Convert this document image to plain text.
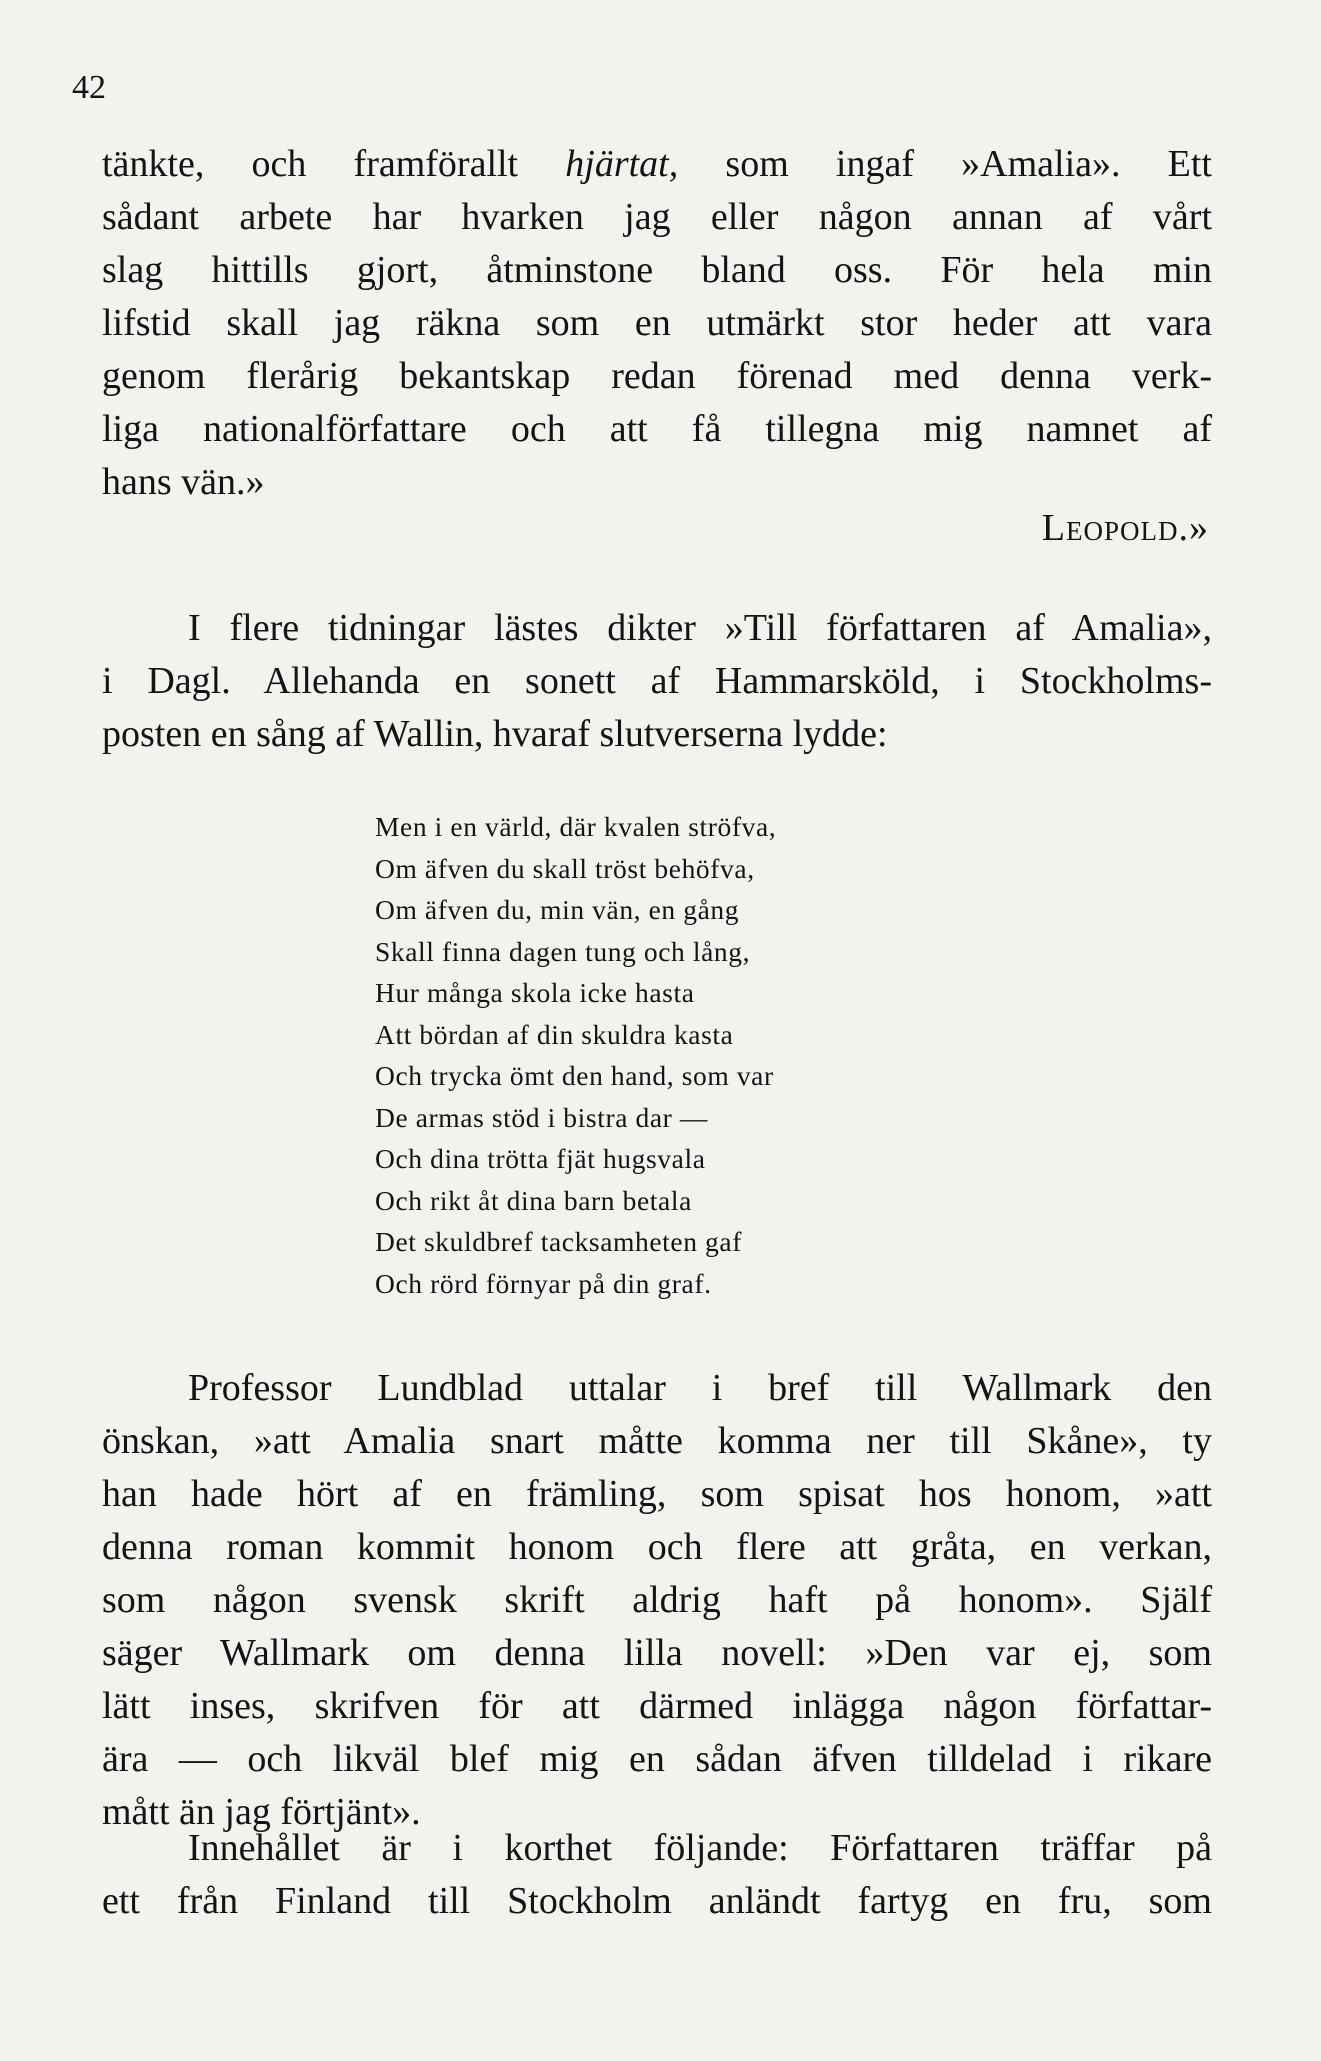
42
tänkte, och framförallt hjärtat, som ingaf »Amalia». Ett
sådant arbete har hvarken jag eller någon annan af vårt
slag hittills gjort, åtminstone bland oss. För hela min
lifstid skall jag räkna som en utmärkt stor heder att vara
genom flerårig bekantskap redan förenad med denna verk-
liga nationalförfattare och att få tillegna mig namnet af
hans vän.»
Leopold.»
I flere tidningar lästes dikter »Till författaren af Amalia»,
i Dagl. Allehanda en sonett af Hammarsköld, i Stockholms-
posten en sång af Wallin, hvaraf slutverserna lydde:
Men i en värld, där kvalen ströfva,
Om äfven du skall tröst behöfva,
Om äfven du, min vän, en gång
Skall finna dagen tung och lång,
Hur många skola icke hasta
Att bördan af din skuldra kasta
Och trycka ömt den hand, som var
De armas stöd i bistra dar —
Och dina trötta fjät hugsvala
Och rikt åt dina barn betala
Det skuldbref tacksamheten gaf
Och rörd förnyar på din graf.
Professor Lundblad uttalar i bref till Wallmark den
önskan, »att Amalia snart måtte komma ner till Skåne», ty
han hade hört af en främling, som spisat hos honom, »att
denna roman kommit honom och flere att gråta, en verkan,
som någon svensk skrift aldrig haft på honom». Själf
säger Wallmark om denna lilla novell: »Den var ej, som
lätt inses, skrifven för att därmed inlägga någon författar-
ära — och likväl blef mig en sådan äfven tilldelad i rikare
mått än jag förtjänt».
Innehållet är i korthet följande: Författaren träffar på
ett från Finland till Stockholm anländt fartyg en fru, som
